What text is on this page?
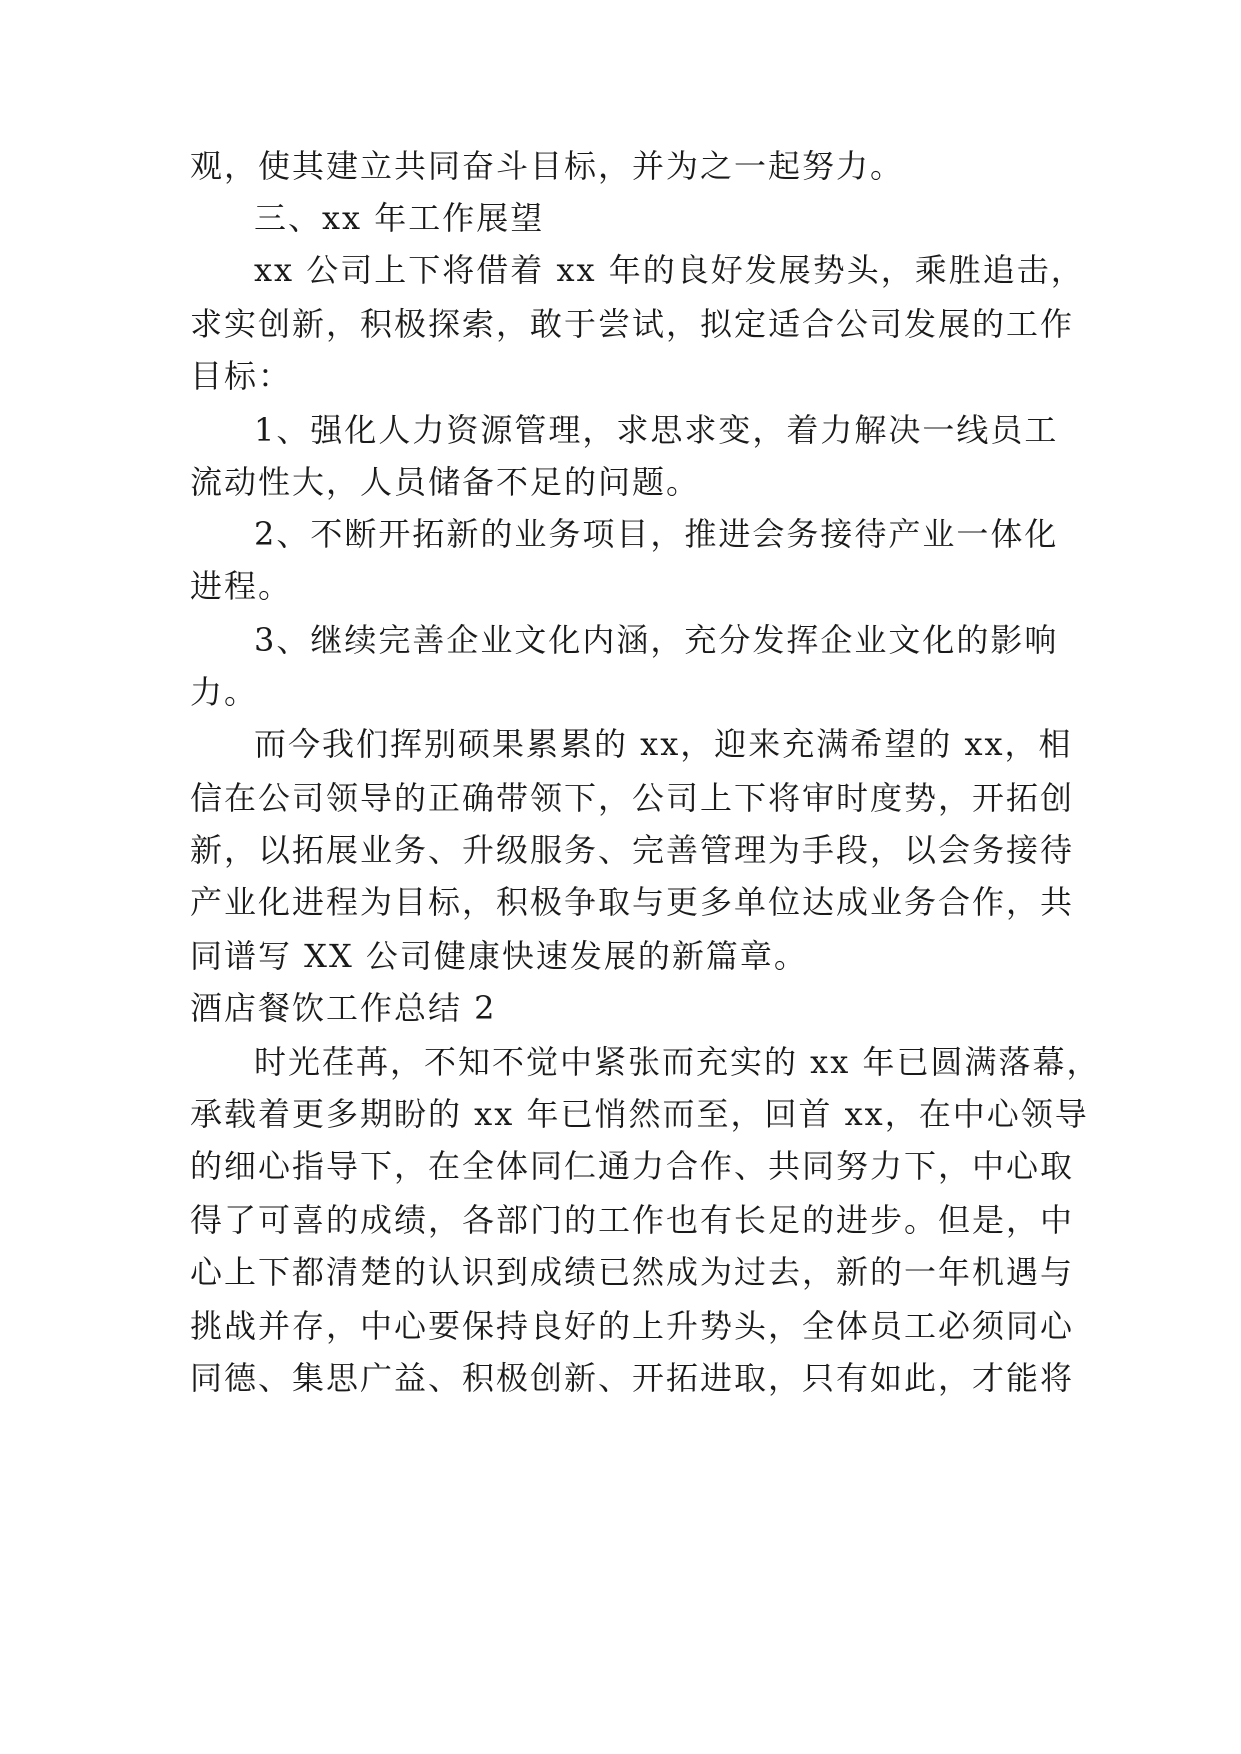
观，使其建立共同奋斗目标，并为之一起努力。
三、xx 年工作展望
xx 公司上下将借着 xx 年的良好发展势头，乘胜追击，
求实创新，积极探索，敢于尝试，拟定适合公司发展的工作
目标：
1、强化人力资源管理，求思求变，着力解决一线员工
流动性大，人员储备不足的问题。
2、不断开拓新的业务项目，推进会务接待产业一体化
进程。
3、继续完善企业文化内涵，充分发挥企业文化的影响
力。
而今我们挥别硕果累累的 xx，迎来充满希望的 xx，相
信在公司领导的正确带领下，公司上下将审时度势，开拓创
新，以拓展业务、升级服务、完善管理为手段，以会务接待
产业化进程为目标，积极争取与更多单位达成业务合作，共
同谱写 XX 公司健康快速发展的新篇章。
酒店餐饮工作总结 2
时光荏苒，不知不觉中紧张而充实的 xx 年已圆满落幕，
承载着更多期盼的 xx 年已悄然而至，回首 xx，在中心领导
的细心指导下，在全体同仁通力合作、共同努力下，中心取
得了可喜的成绩，各部门的工作也有长足的进步。但是，中
心上下都清楚的认识到成绩已然成为过去，新的一年机遇与
挑战并存，中心要保持良好的上升势头，全体员工必须同心
同德、集思广益、积极创新、开拓进取，只有如此，才能将
